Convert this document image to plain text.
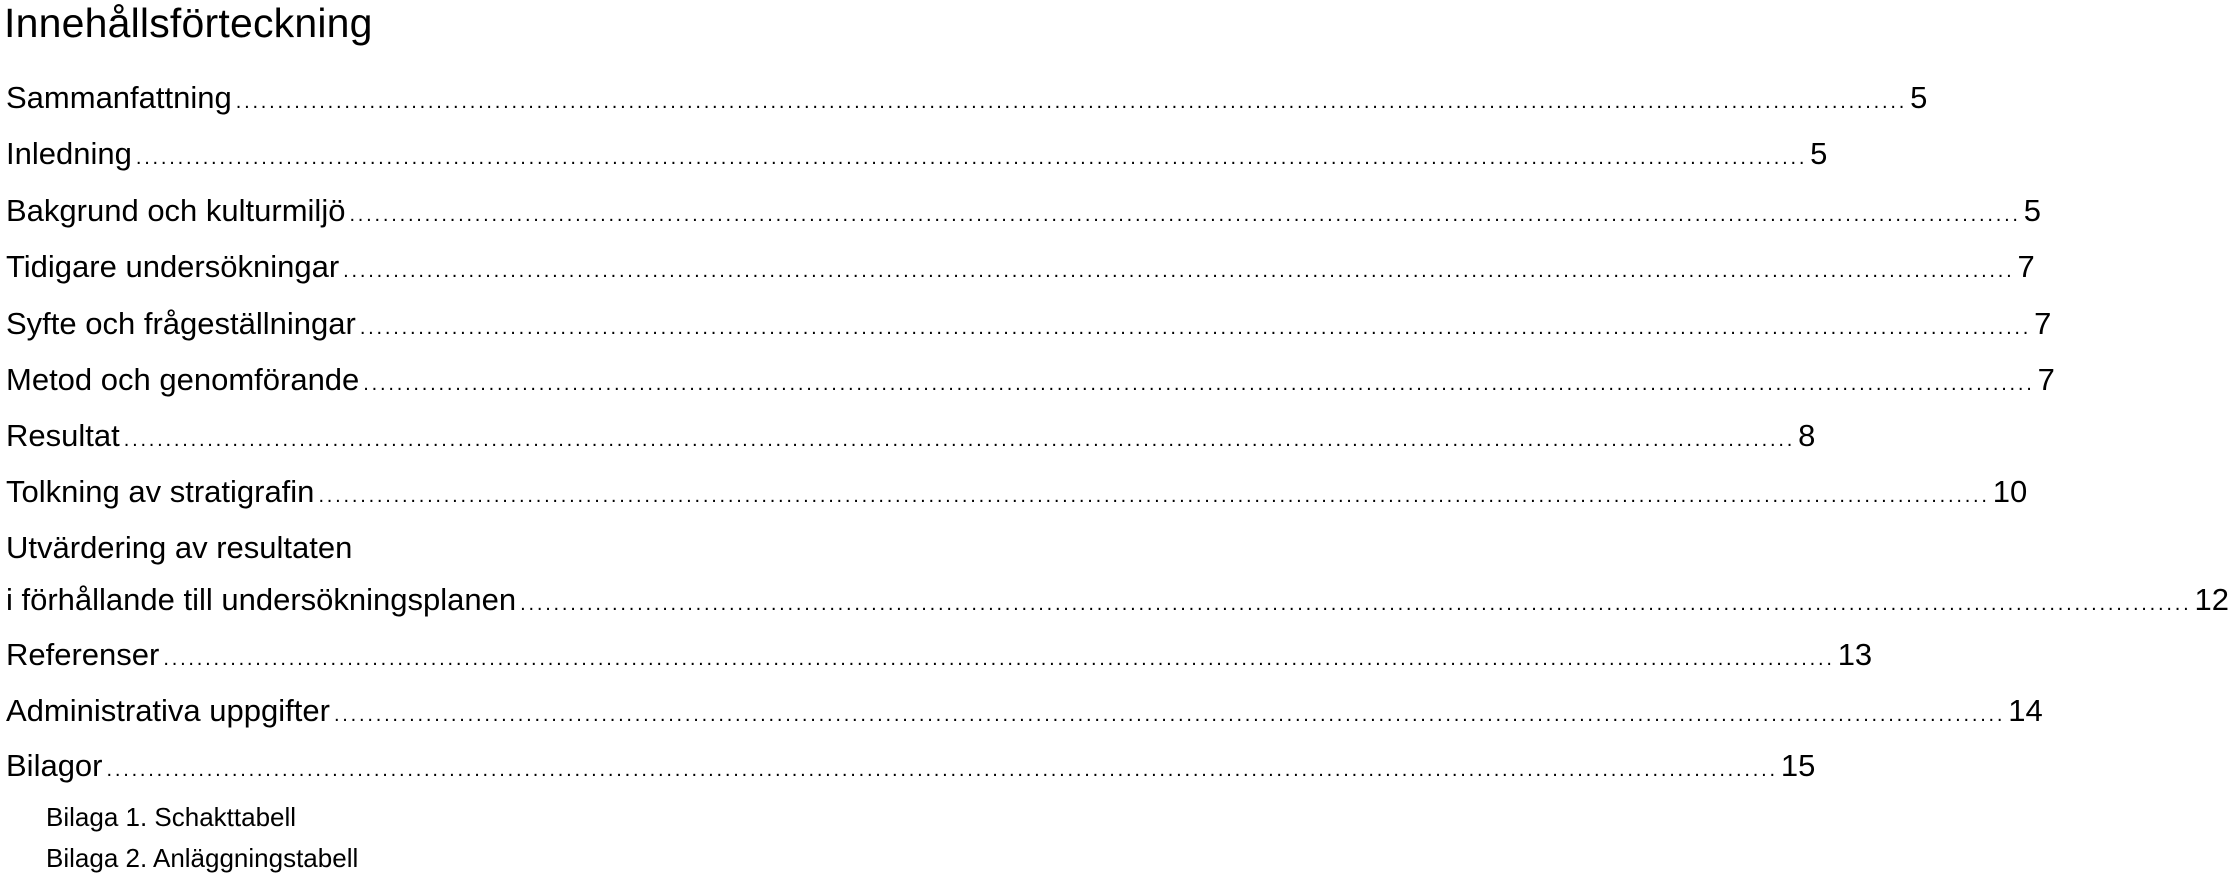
Innehållsförteckning
Sammanfattning ........................................................................................................................................................................................................ 5
Inledning ........................................................................................................................................................................................................ 5
Bakgrund och kulturmiljö ........................................................................................................................................................................................................ 5
Tidigare undersökningar ........................................................................................................................................................................................................ 7
Syfte och frågeställningar ........................................................................................................................................................................................................ 7
Metod och genomförande ........................................................................................................................................................................................................ 7
Resultat ........................................................................................................................................................................................................ 8
Tolkning av stratigrafin ........................................................................................................................................................................................................ 10
Utvärdering av resultaten
i förhållande till undersökningsplanen ........................................................................................................................................................................................................ 12
Referenser ........................................................................................................................................................................................................ 13
Administrativa uppgifter ........................................................................................................................................................................................................ 14
Bilagor ........................................................................................................................................................................................................ 15
Bilaga 1. Schakttabell
Bilaga 2. Anläggningstabell
